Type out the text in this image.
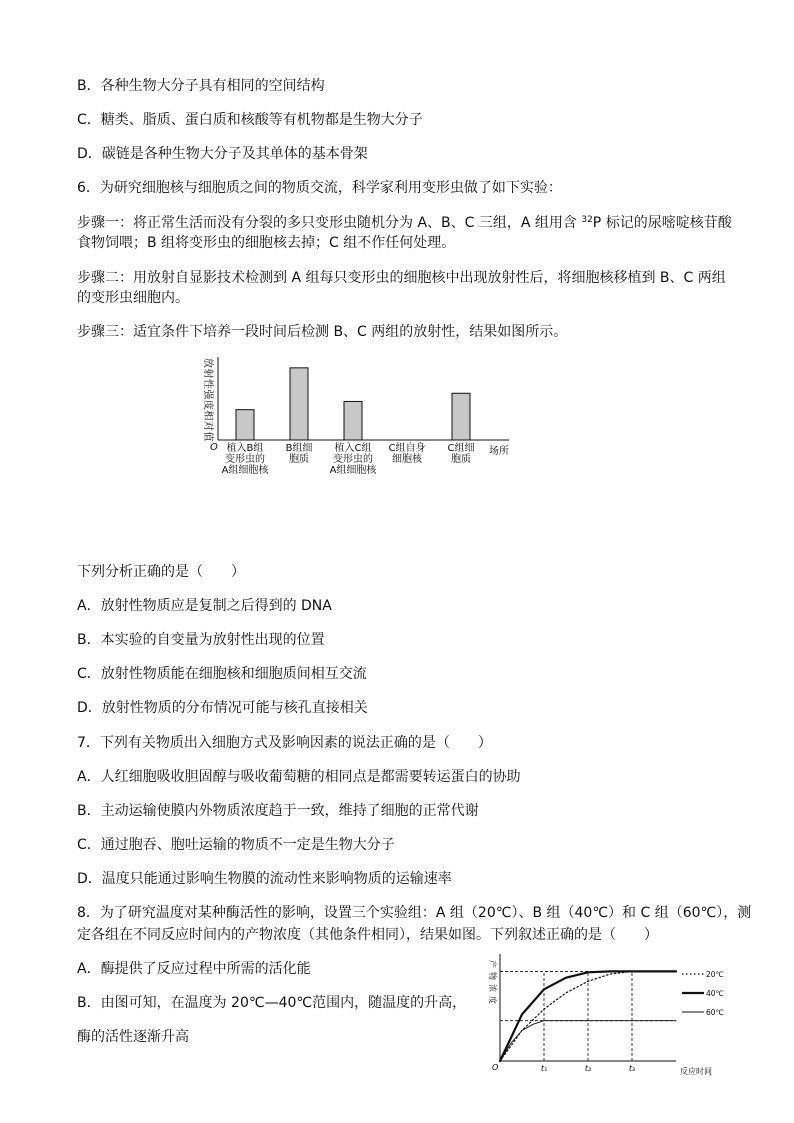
B．各种生物大分子具有相同的空间结构
C．糖类、脂质、蛋白质和核酸等有机物都是生物大分子
D．碳链是各种生物大分子及其单体的基本骨架
6．为研究细胞核与细胞质之间的物质交流，科学家利用变形虫做了如下实验：
步骤一：将正常生活而没有分裂的多只变形虫随机分为 A、B、C 三组，A 组用含 $^{32}$P 标记的尿嘧啶核苷酸
食物饲喂；B 组将变形虫的细胞核去掉；C 组不作任何处理。
步骤二：用放射自显影技术检测到 A 组每只变形虫的细胞核中出现放射性后，将细胞核移植到 B、C 两组
的变形虫细胞内。
步骤三：适宜条件下培养一段时间后检测 B、C 两组的放射性，结果如图所示。
放射性强度相对值
O	场所
植入B组变形虫的 A组细胞核
B组细胞质
植入C组变形虫的 A组细胞核
C组自身细胞核
C组细胞质
下列分析正确的是（　　）
A．放射性物质应是复制之后得到的 DNA
B．本实验的自变量为放射性出现的位置
C．放射性物质能在细胞核和细胞质间相互交流
D．放射性物质的分布情况可能与核孔直接相关
7．下列有关物质出入细胞方式及影响因素的说法正确的是（　　）
A．人红细胞吸收胆固醇与吸收葡萄糖的相同点是都需要转运蛋白的协助
B．主动运输使膜内外物质浓度趋于一致，维持了细胞的正常代谢
C．通过胞吞、胞吐运输的物质不一定是生物大分子
D．温度只能通过影响生物膜的流动性来影响物质的运输速率
8．为了研究温度对某种酶活性的影响，设置三个实验组：A 组（20℃）、B 组（40℃）和 C 组（60℃），测
定各组在不同反应时间内的产物浓度（其他条件相同），结果如图。下列叙述正确的是（　　）
A．酶提供了反应过程中所需的活化能
B．由图可知，在温度为 20℃—40℃范围内，随温度的升高，
酶的活性逐渐升高
产物浓度
O	反应时间
t₁	t₂	t₃
20℃
40℃
60℃
